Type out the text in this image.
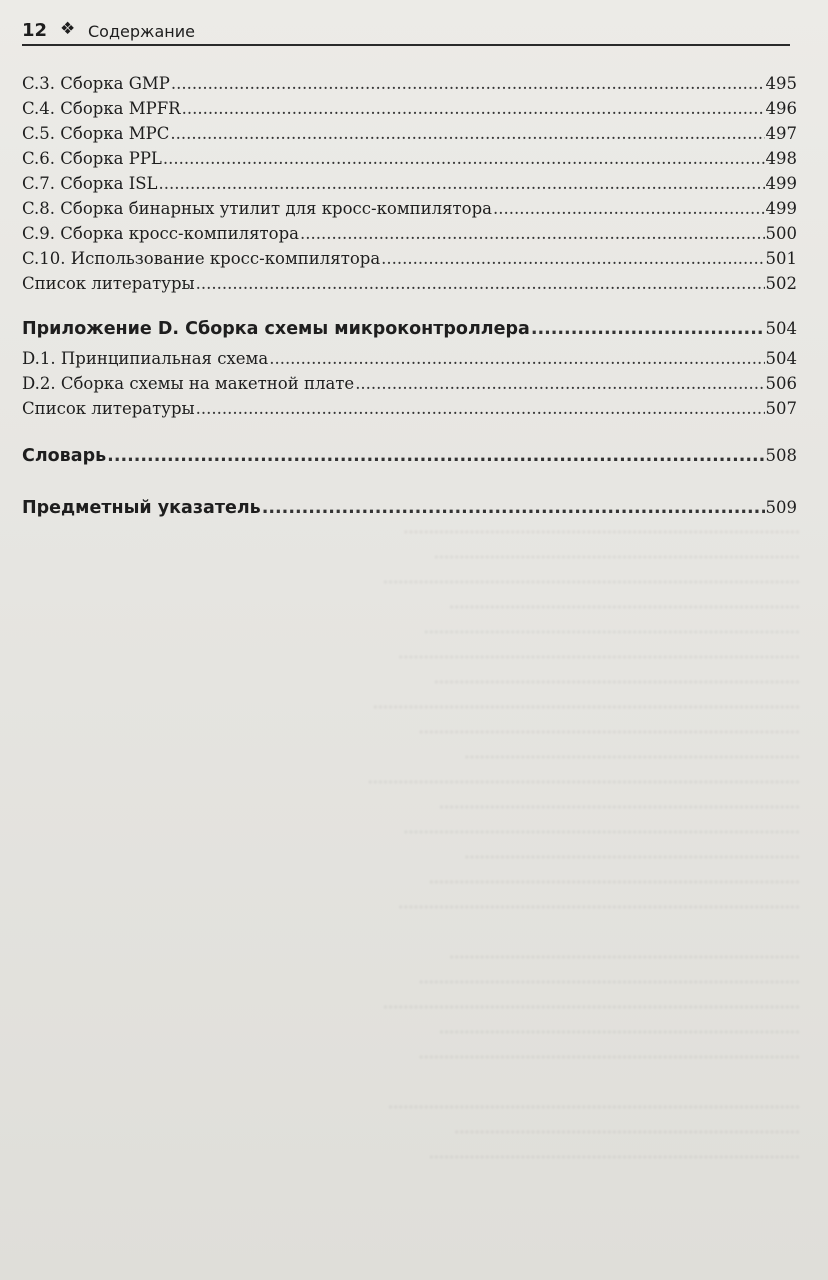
12 ❖ Содержание
C.3. Сборка GMP .....	495
C.4. Сборка MPFR .....	496
C.5. Сборка MPC .....	497
C.6. Сборка PPL .....	498
C.7. Сборка ISL .....	499
C.8. Сборка бинарных утилит для кросс-компилятора .....	499
C.9. Сборка кросс-компилятора .....	500
C.10. Использование кросс-компилятора .....	501
Список литературы .....	502
Приложение D. Сборка схемы микроконтроллера .....	504
D.1. Принципиальная схема .....	504
D.2. Сборка схемы на макетной плате .....	506
Список литературы .....	507
Словарь .....	508
Предметный указатель .....	509

..............................................................................
........................................................................
..................................................................................
.....................................................................
..........................................................................
...............................................................................
........................................................................
....................................................................................
...........................................................................
..................................................................
.....................................................................................
.......................................................................
..............................................................................
..................................................................
.........................................................................
...............................................................................

.....................................................................
...........................................................................
..................................................................................
.......................................................................
...........................................................................

.................................................................................
....................................................................
.........................................................................
